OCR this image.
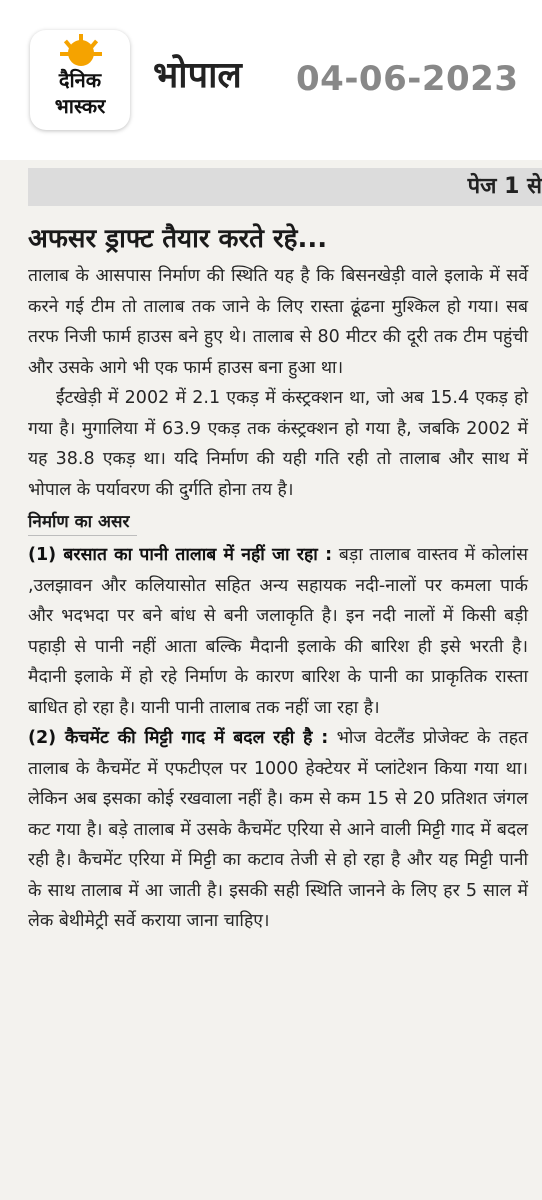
दैनिक
भास्कर
भोपाल 04-06-2023
पेज 1 से
अफसर ड्राफ्ट तैयार करते रहे...

तालाब के आसपास निर्माण की स्थिति यह है कि बिसनखेड़ी वाले इलाके में सर्वे करने गई टीम तो तालाब तक जाने के लिए रास्ता ढूंढना मुश्किल हो गया। सब तरफ निजी फार्म हाउस बने हुए थे। तालाब से 80 मीटर की दूरी तक टीम पहुंची और उसके आगे भी एक फार्म हाउस बना हुआ था।

ईंटखेड़ी में 2002 में 2.1 एकड़ में कंस्ट्रक्शन था, जो अब 15.4 एकड़ हो गया है। मुगालिया में 63.9 एकड़ तक कंस्ट्रक्शन हो गया है, जबकि 2002 में यह 38.8 एकड़ था। यदि निर्माण की यही गति रही तो तालाब और साथ में भोपाल के पर्यावरण की दुर्गति होना तय है।

निर्माण का असर

(1) बरसात का पानी तालाब में नहीं जा रहा : बड़ा तालाब वास्तव में कोलांस ,उलझावन और कलियासोत सहित अन्य सहायक नदी-नालों पर कमला पार्क और भदभदा पर बने बांध से बनी जलाकृति है। इन नदी नालों में किसी बड़ी पहाड़ी से पानी नहीं आता बल्कि मैदानी इलाके की बारिश ही इसे भरती है। मैदानी इलाके में हो रहे निर्माण के कारण बारिश के पानी का प्राकृतिक रास्ता बाधित हो रहा है। यानी पानी तालाब तक नहीं जा रहा है।

(2) कैचमेंट की मिट्टी गाद में बदल रही है : भोज वेटलैंड प्रोजेक्ट के तहत तालाब के कैचमेंट में एफटीएल पर 1000 हेक्टेयर में प्लांटेशन किया गया था। लेकिन अब इसका कोई रखवाला नहीं है। कम से कम 15 से 20 प्रतिशत जंगल कट गया है। बड़े तालाब में उसके कैचमेंट एरिया से आने वाली मिट्टी गाद में बदल रही है। कैचमेंट एरिया में मिट्टी का कटाव तेजी से हो रहा है और यह मिट्टी पानी के साथ तालाब में आ जाती है। इसकी सही स्थिति जानने के लिए हर 5 साल में लेक बेथीमेट्री सर्वे कराया जाना चाहिए।
